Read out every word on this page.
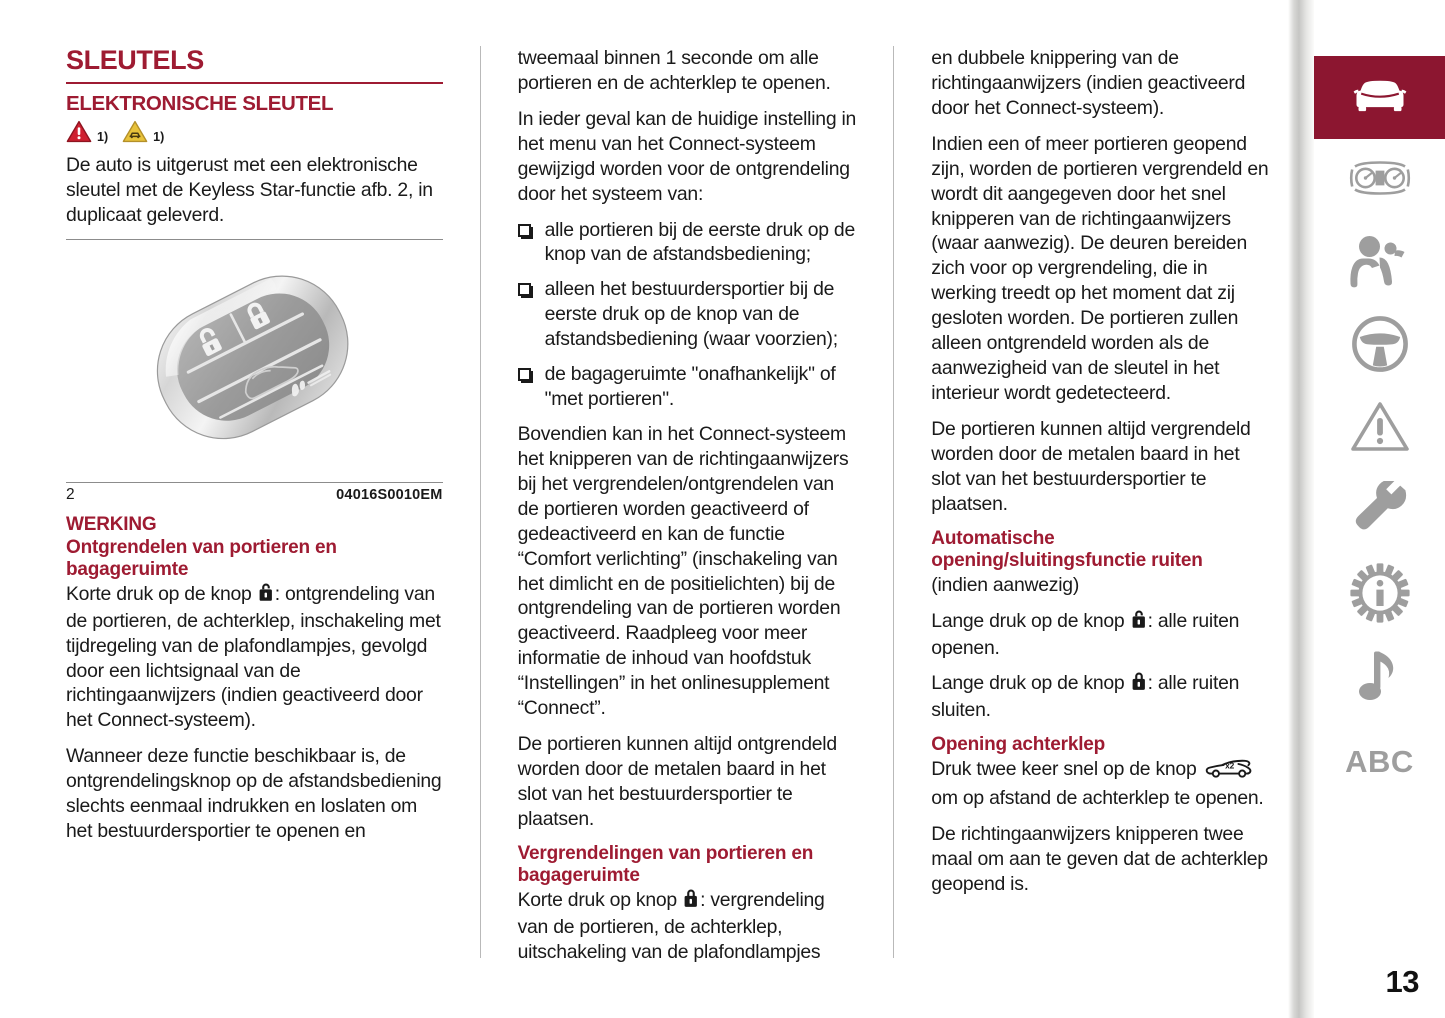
SLEUTELS
ELEKTRONISCHE SLEUTEL
1)	1)

De auto is uitgerust met een elektronische sleutel met de Keyless Star-functie afb. 2, in duplicaat geleverd.

2	04016S0010EM
WERKING
Ontgrendelen van portieren en bagageruimte

Korte druk op de knop : ontgrendeling van de portieren, de achterklep, inschakeling met tijdregeling van de plafondlampjes, gevolgd door een lichtsignaal van de richtingaanwijzers (indien geactiveerd door het Connect-systeem).

Wanneer deze functie beschikbaar is, de ontgrendelingsknop op de afstandsbediening slechts eenmaal indrukken en loslaten om het bestuurdersportier te openen en

tweemaal binnen 1 seconde om alle portieren en de achterklep te openen.

In ieder geval kan de huidige instelling in het menu van het Connect-systeem gewijzigd worden voor de ontgrendeling door het systeem van:

alle portieren bij de eerste druk op de knop van de afstandsbediening;
alleen het bestuurdersportier bij de eerste druk op de knop van de afstandsbediening (waar voorzien);
de bagageruimte "onafhankelijk" of "met portieren".

Bovendien kan in het Connect-systeem het knipperen van de richtingaanwijzers bij het vergrendelen/ontgrendelen van de portieren worden geactiveerd of gedeactiveerd en kan de functie “Comfort verlichting” (inschakeling van het dimlicht en de positielichten) bij de ontgrendeling van de portieren worden geactiveerd. Raadpleeg voor meer informatie de inhoud van hoofdstuk “Instellingen” in het onlinesupplement “Connect”.

De portieren kunnen altijd ontgrendeld worden door de metalen baard in het slot van het bestuurdersportier te plaatsen.

Vergrendelingen van portieren en bagageruimte

Korte druk op knop : vergrendeling van de portieren, de achterklep, uitschakeling van de plafondlampjes

en dubbele knippering van de richtingaanwijzers (indien geactiveerd door het Connect-systeem).

Indien een of meer portieren geopend zijn, worden de portieren vergrendeld en wordt dit aangegeven door het snel knipperen van de richtingaanwijzers (waar aanwezig). De deuren bereiden zich voor op vergrendeling, die in werking treedt op het moment dat zij gesloten worden. De portieren zullen alleen ontgrendeld worden als de aanwezigheid van de sleutel in het interieur wordt gedetecteerd.

De portieren kunnen altijd vergrendeld worden door de metalen baard in het slot van het bestuurdersportier te plaatsen.

Automatische opening/sluitingsfunctie ruiten

(indien aanwezig)

Lange druk op de knop : alle ruiten openen.

Lange druk op de knop : alle ruiten sluiten.

Opening achterklep

Druk twee keer snel op de knop	x2
om op afstand de achterklep te openen.

De richtingaanwijzers knipperen twee maal om aan te geven dat de achterklep geopend is.

ABC
13
